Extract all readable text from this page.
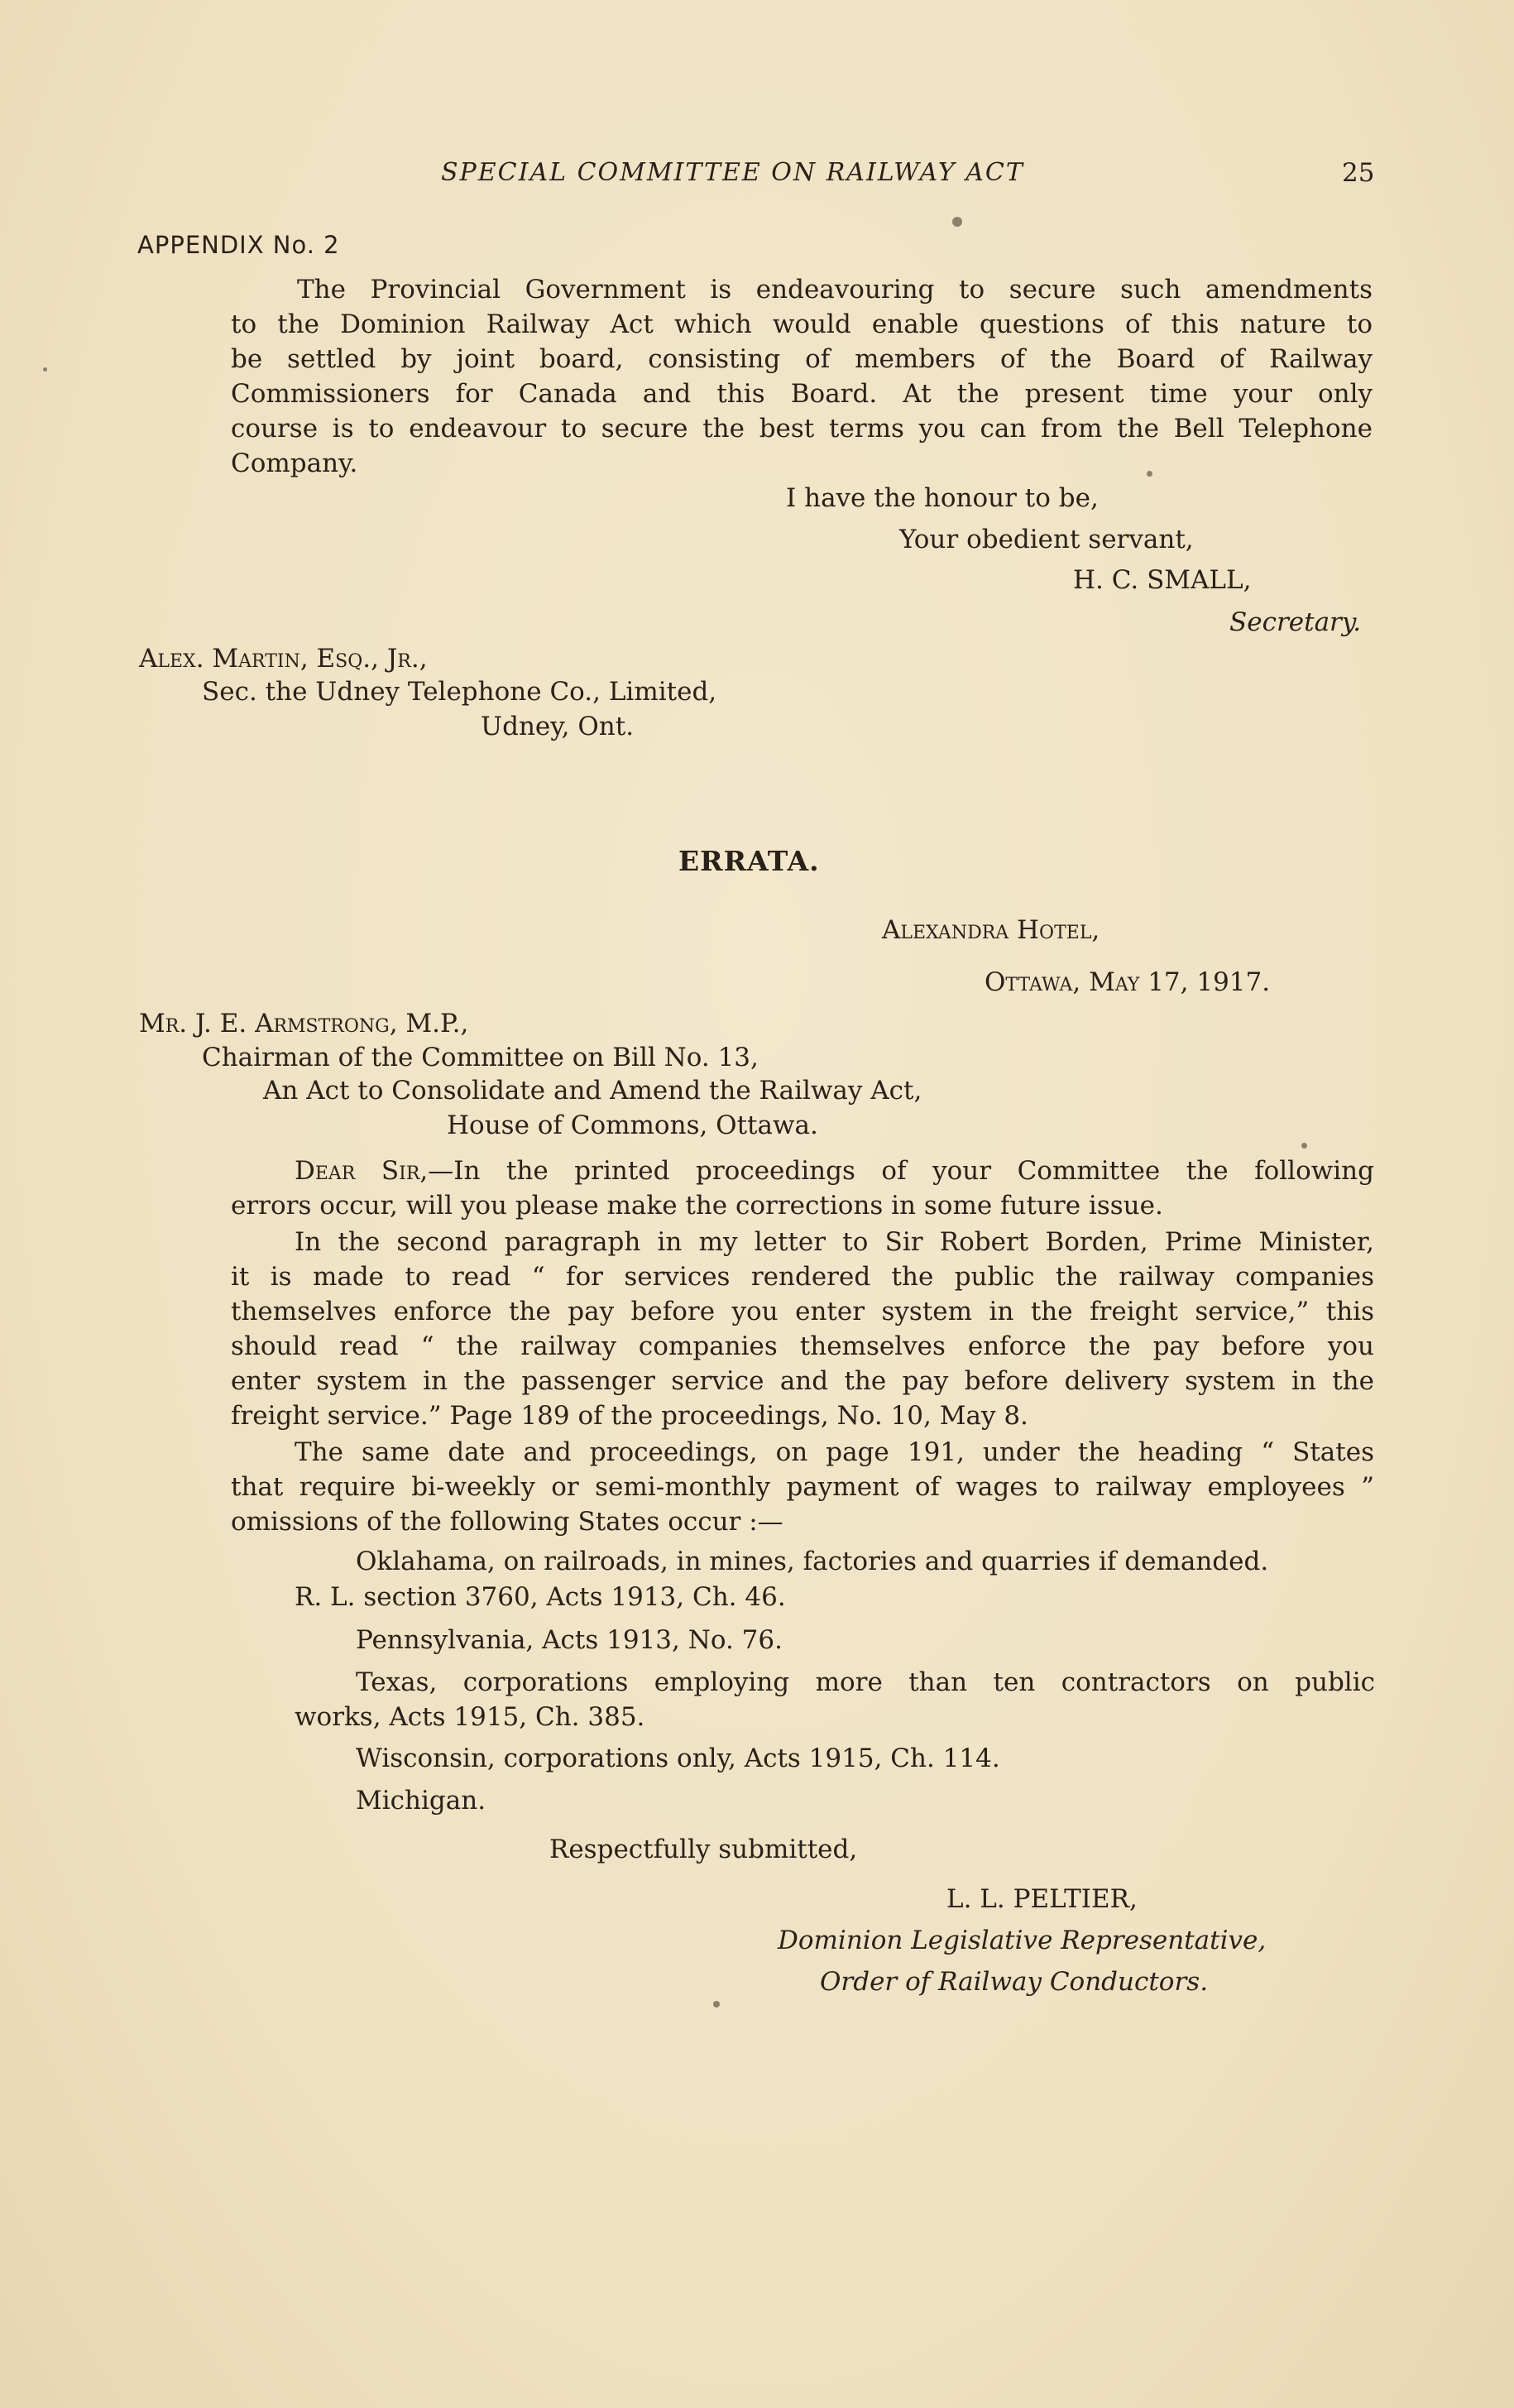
SPECIAL COMMITTEE ON RAILWAY ACT	25
APPENDIX No. 2
The Provincial Government is endeavouring to secure such amendments
to the Dominion Railway Act which would enable questions of this nature to
be settled by joint board, consisting of members of the Board of Railway
Commissioners for Canada and this Board. At the present time your only
course is to endeavour to secure the best terms you can from the Bell Telephone
Company.
I have the honour to be,
Your obedient servant,
H. C. SMALL,
Secretary.
Alex. Martin, Esq., Jr.,
Sec. the Udney Telephone Co., Limited,
Udney, Ont.
ERRATA.
Alexandra Hotel,
Ottawa, May 17, 1917.
Mr. J. E. Armstrong, M.P.,
Chairman of the Committee on Bill No. 13,
An Act to Consolidate and Amend the Railway Act,
House of Commons, Ottawa.
Dear Sir,—In the printed proceedings of your Committee the following
errors occur, will you please make the corrections in some future issue.
In the second paragraph in my letter to Sir Robert Borden, Prime Minister,
it is made to read “ for services rendered the public the railway companies
themselves enforce the pay before you enter system in the freight service,” this
should read “ the railway companies themselves enforce the pay before you
enter system in the passenger service and the pay before delivery system in the
freight service.” Page 189 of the proceedings, No. 10, May 8.
The same date and proceedings, on page 191, under the heading “ States
that require bi-weekly or semi-monthly payment of wages to railway employees ”
omissions of the following States occur :—
Oklahama, on railroads, in mines, factories and quarries if demanded.
R. L. section 3760, Acts 1913, Ch. 46.
Pennsylvania, Acts 1913, No. 76.
Texas, corporations employing more than ten contractors on public
works, Acts 1915, Ch. 385.
Wisconsin, corporations only, Acts 1915, Ch. 114.
Michigan.
Respectfully submitted,
L. L. PELTIER,
Dominion Legislative Representative,
Order of Railway Conductors.
